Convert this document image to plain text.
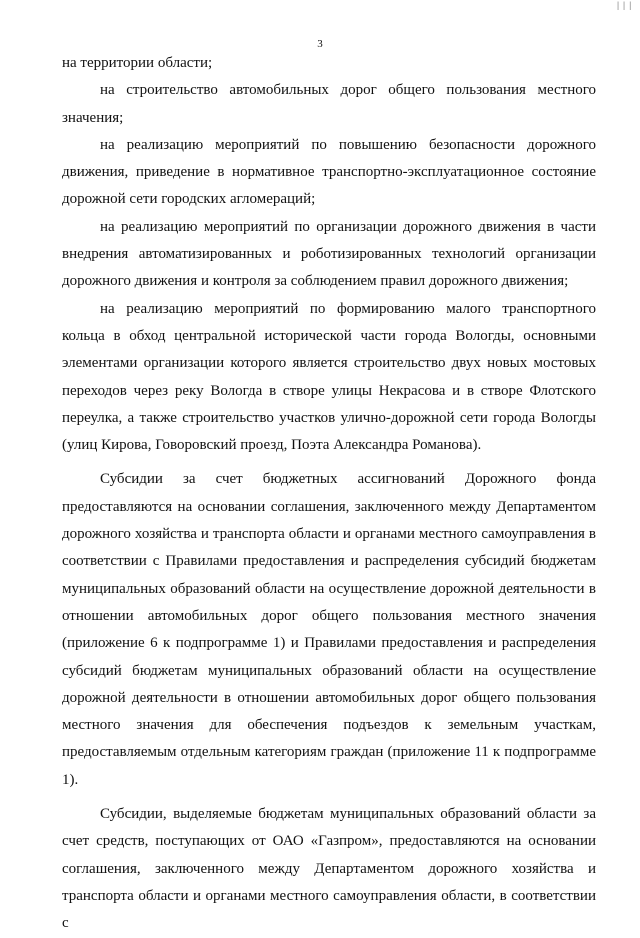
| | |
3

на территории области;

на строительство автомобильных дорог общего пользования местного значения;

на реализацию мероприятий по повышению безопасности дорожного движения, приведение в нормативное транспортно-эксплуатационное состояние дорожной сети городских агломераций;

на реализацию мероприятий по организации дорожного движения в части внедрения автоматизированных и роботизированных технологий организации дорожного движения и контроля за соблюдением правил дорожного движения;

на реализацию мероприятий по формированию малого транспортного кольца в обход центральной исторической части города Вологды, основными элементами организации которого является строительство двух новых мостовых переходов через реку Вологда в створе улицы Некрасова и в створе Флотского переулка, а также строительство участков улично-дорожной сети города Вологды (улиц Кирова, Говоровский проезд, Поэта Александра Романова).

Субсидии за счет бюджетных ассигнований Дорожного фонда предоставляются на основании соглашения, заключенного между Департаментом дорожного хозяйства и транспорта области и органами местного самоуправления в соответствии с Правилами предоставления и распределения субсидий бюджетам муниципальных образований области на осуществление дорожной деятельности в отношении автомобильных дорог общего пользования местного значения (приложение 6 к подпрограмме 1) и Правилами предоставления и распределения субсидий бюджетам муниципальных образований области на осуществление дорожной деятельности в отношении автомобильных дорог общего пользования местного значения для обеспечения подъездов к земельным участкам, предоставляемым отдельным категориям граждан (приложение 11 к подпрограмме 1).

Субсидии, выделяемые бюджетам муниципальных образований области за счет средств, поступающих от ОАО «Газпром», предоставляются на основании соглашения, заключенного между Департаментом дорожного хозяйства и транспорта области и органами местного самоуправления области, в соответствии с
